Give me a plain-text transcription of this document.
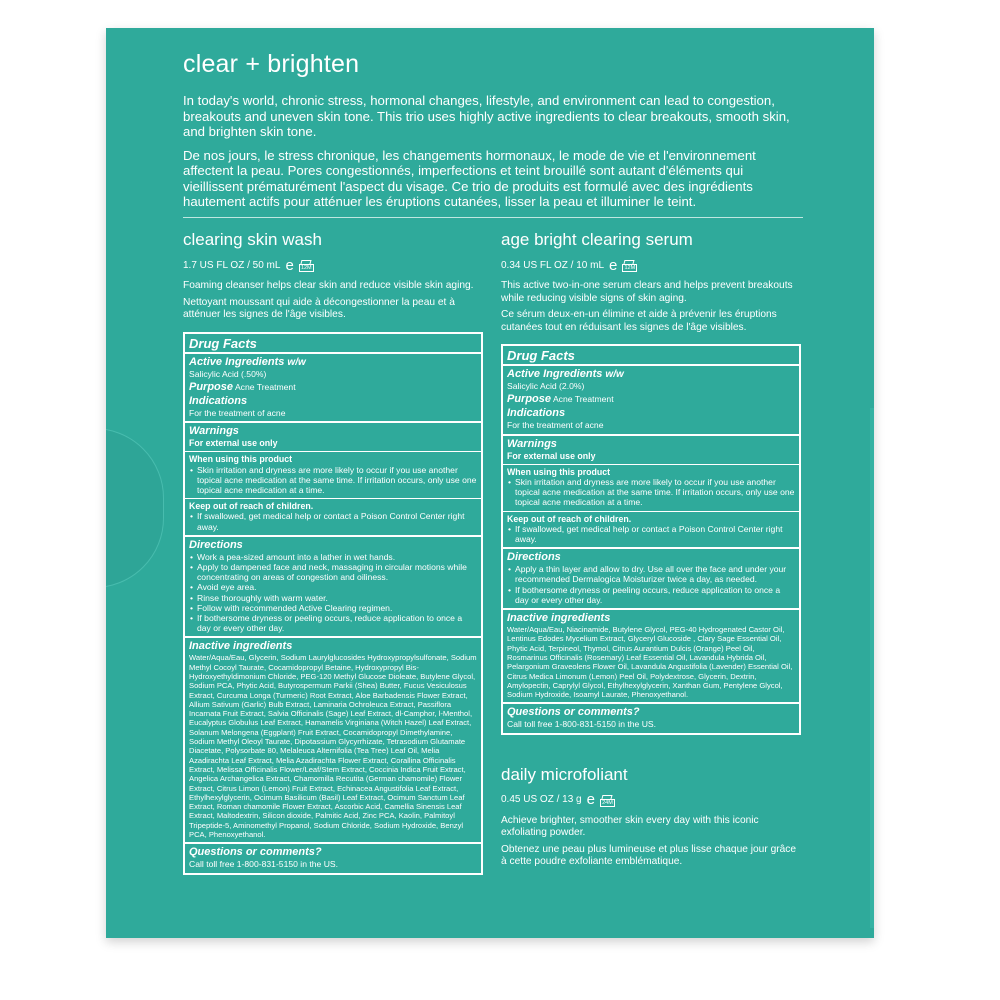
clear + brighten

In today's world, chronic stress, hormonal changes, lifestyle, and environment can lead to congestion, breakouts and uneven skin tone. This trio uses highly active ingredients to clear breakouts, smooth skin, and brighten skin tone.

De nos jours, le stress chronique, les changements hormonaux, le mode de vie et l'environnement affectent la peau. Pores congestionnés, imperfections et teint brouillé sont autant d'éléments qui vieillissent prématurément l'aspect du visage. Ce trio de produits est formulé avec des ingrédients hautement actifs pour atténuer les éruptions cutanées, lisser la peau et illuminer le teint.

clearing skin wash
1.7 US FL OZ / 50 mL e	12M

Foaming cleanser helps clear skin and reduce visible skin aging.

Nettoyant moussant qui aide à décongestionner la peau et à atténuer les signes de l'âge visibles.

Drug Facts
Active Ingredients w/w
Salicylic Acid (.50%)
Purpose Acne Treatment
Indications
For the treatment of acne
Warnings
For external use only
When using this product
• Skin irritation and dryness are more likely to occur if you use another topical acne medication at the same time. If irritation occurs, only use one topical acne medication at a time.
Keep out of reach of children.
• If swallowed, get medical help or contact a Poison Control Center right away.
Directions
• Work a pea-sized amount into a lather in wet hands.
• Apply to dampened face and neck, massaging in circular motions while concentrating on areas of congestion and oiliness.
• Avoid eye area.
• Rinse thoroughly with warm water.
• Follow with recommended Active Clearing regimen.
• If bothersome dryness or peeling occurs, reduce application to once a day or every other day.
Inactive ingredients
Water/Aqua/Eau, Glycerin, Sodium Laurylglucosides Hydroxypropylsulfonate, Sodium Methyl Cocoyl Taurate, Cocamidopropyl Betaine, Hydroxypropyl Bis-Hydroxyethyldimonium Chloride, PEG-120 Methyl Glucose Dioleate, Butylene Glycol, Sodium PCA, Phytic Acid, Butyrospermum Parkii (Shea) Butter, Fucus Vesiculosus Extract, Curcuma Longa (Turmeric) Root Extract, Aloe Barbadensis Flower Extract, Allium Sativum (Garlic) Bulb Extract, Laminaria Ochroleuca Extract, Passiflora Incarnata Fruit Extract, Salvia Officinalis (Sage) Leaf Extract, dl-Camphor, l-Menthol, Eucalyptus Globulus Leaf Extract, Hamamelis Virginiana (Witch Hazel) Leaf Extract, Solanum Melongena (Eggplant) Fruit Extract, Cocamidopropyl Dimethylamine, Sodium Methyl Oleoyl Taurate, Dipotassium Glycyrrhizate, Tetrasodium Glutamate Diacetate, Polysorbate 80, Melaleuca Alternifolia (Tea Tree) Leaf Oil, Melia Azadirachta Leaf Extract, Melia Azadirachta Flower Extract, Corallina Officinalis Extract, Melissa Officinalis Flower/Leaf/Stem Extract, Coccinia Indica Fruit Extract, Angelica Archangelica Extract, Chamomilla Recutita (German chamomile) Flower Extract, Citrus Limon (Lemon) Fruit Extract, Echinacea Angustifolia Leaf Extract, Ethylhexylglycerin, Ocimum Basilicum (Basil) Leaf Extract, Ocimum Sanctum Leaf Extract, Roman chamomile Flower Extract, Ascorbic Acid, Camellia Sinensis Leaf Extract, Maltodextrin, Silicon dioxide, Palmitic Acid, Zinc PCA, Kaolin, Palmitoyl Tripeptide-5, Aminomethyl Propanol, Sodium Chloride, Sodium Hydroxide, Benzyl PCA, Phenoxyethanol.
Questions or comments?
Call toll free 1-800-831-5150 in the US.
age bright clearing serum
0.34 US FL OZ / 10 mL e	12M

This active two-in-one serum clears and helps prevent breakouts while reducing visible signs of skin aging.

Ce sérum deux-en-un élimine et aide à prévenir les éruptions cutanées tout en réduisant les signes de l'âge visibles.

Drug Facts
Active Ingredients w/w
Salicylic Acid (2.0%)
Purpose Acne Treatment
Indications
For the treatment of acne
Warnings
For external use only
When using this product
• Skin irritation and dryness are more likely to occur if you use another topical acne medication at the same time. If irritation occurs, only use one topical acne medication at a time.
Keep out of reach of children.
• If swallowed, get medical help or contact a Poison Control Center right away.
Directions
• Apply a thin layer and allow to dry. Use all over the face and under your recommended Dermalogica Moisturizer twice a day, as needed.
• If bothersome dryness or peeling occurs, reduce application to once a day or every other day.
Inactive ingredients
Water/Aqua/Eau, Niacinamide, Butylene Glycol, PEG-40 Hydrogenated Castor Oil, Lentinus Edodes Mycelium Extract, Glyceryl Glucoside , Clary Sage Essential Oil, Phytic Acid, Terpineol, Thymol, Citrus Aurantium Dulcis (Orange) Peel Oil, Rosmarinus Officinalis (Rosemary) Leaf Essential Oil, Lavandula Hybrida Oil, Pelargonium Graveolens Flower Oil, Lavandula Angustifolia (Lavender) Essential Oil, Citrus Medica Limonum (Lemon) Peel Oil, Polydextrose, Glycerin, Dextrin, Amylopectin, Caprylyl Glycol, Ethylhexylglycerin, Xanthan Gum, Pentylene Glycol, Sodium Hydroxide, Isoamyl Laurate, Phenoxyethanol.
Questions or comments?
Call toll free 1-800-831-5150 in the US.
daily microfoliant
0.45 US OZ / 13 g e	24M

Achieve brighter, smoother skin every day with this iconic exfoliating powder.

Obtenez une peau plus lumineuse et plus lisse chaque jour grâce à cette poudre exfoliante emblématique.
